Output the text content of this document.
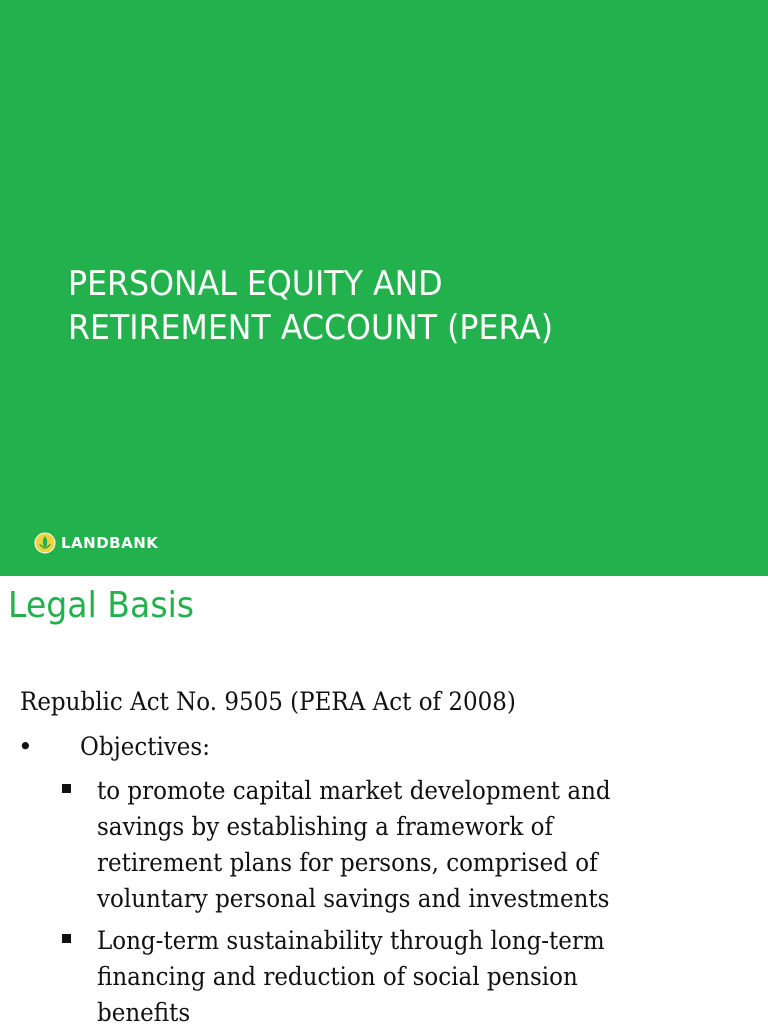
PERSONAL EQUITY AND
RETIREMENT ACCOUNT (PERA)
LANDBANK
Legal Basis

Republic Act No. 9505 (PERA Act of 2008)

• Objectives:
to promote capital market development and
savings by establishing a framework of
retirement plans for persons, comprised of
voluntary personal savings and investments
Long-term sustainability through long-term
financing and reduction of social pension
benefits
